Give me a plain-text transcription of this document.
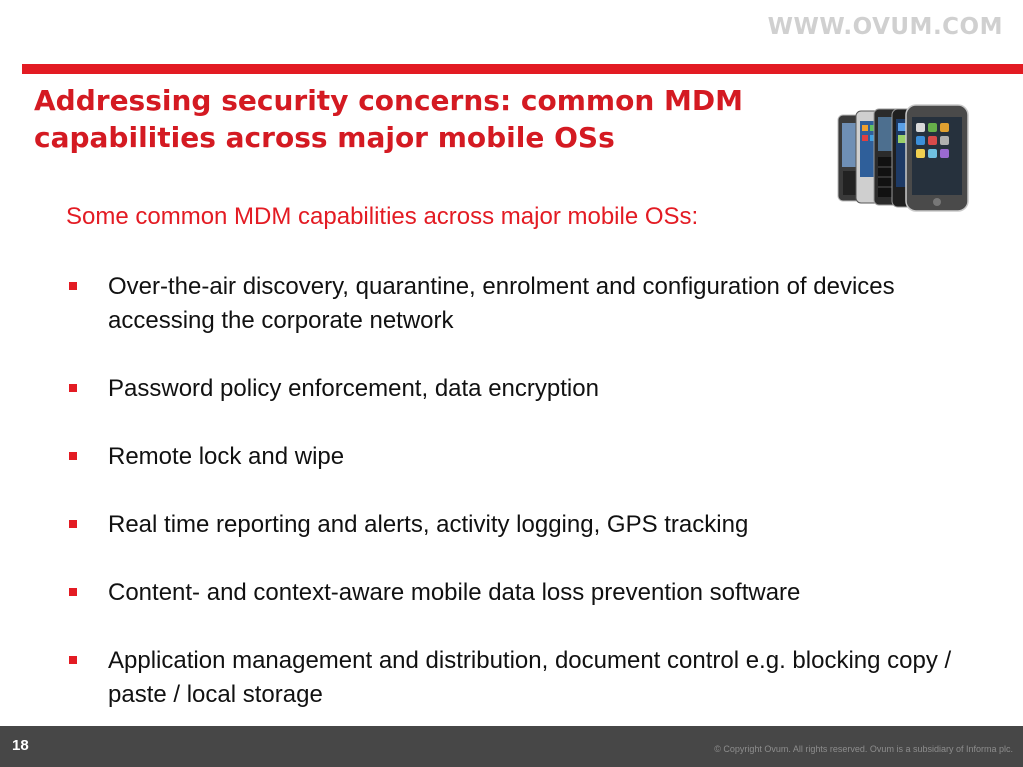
WWW.OVUM.COM
Addressing security concerns: common MDM capabilities across major mobile OSs

Some common MDM capabilities across major mobile OSs:

Over-the-air discovery, quarantine, enrolment and configuration of devices accessing the corporate network
Password policy enforcement, data encryption
Remote lock and wipe
Real time reporting and alerts, activity logging, GPS tracking
Content- and context-aware mobile data loss prevention software
Application management and distribution, document control e.g. blocking copy / paste / local storage
18	© Copyright Ovum. All rights reserved. Ovum is a subsidiary of Informa plc.
